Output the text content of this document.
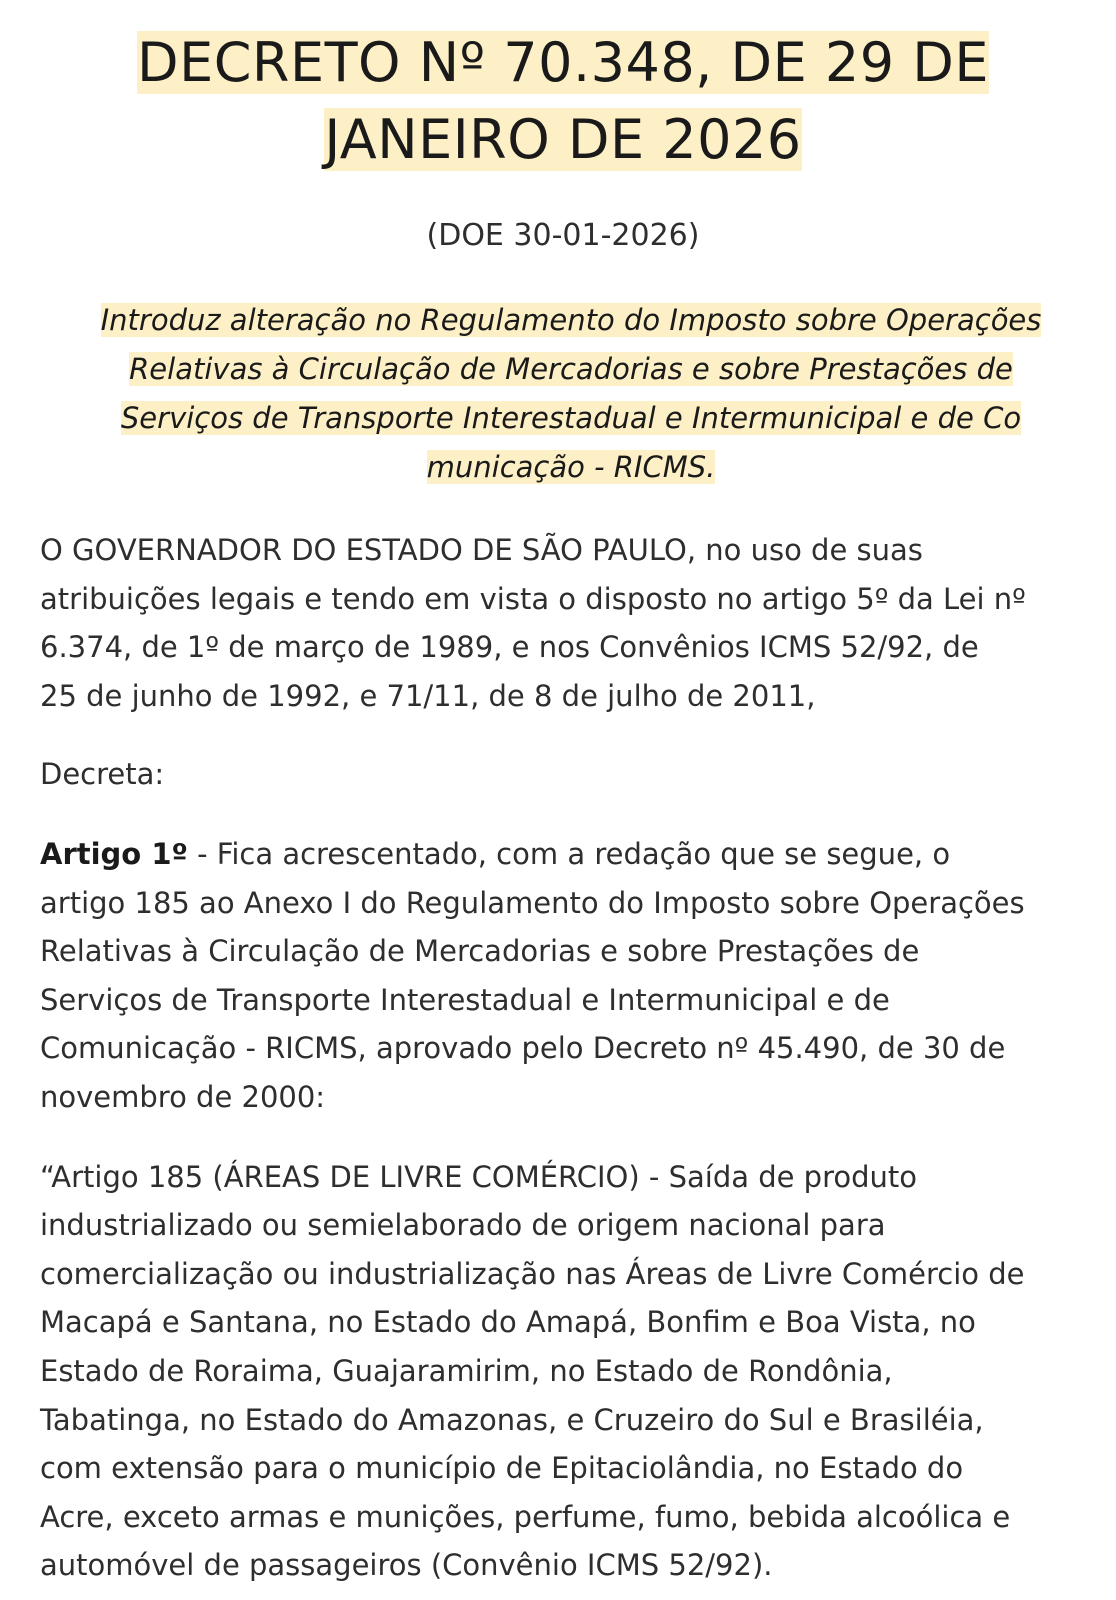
DECRETO Nº 70.348, DE 29 DE
JANEIRO DE 2026
(DOE 30-01-2026)
Introduz alteração no Regulamento do Imposto sobre Operações
Relativas à Circulação de Mercadorias e sobre Prestações de
Serviços de Transporte Interestadual e Intermunicipal e de Co
municação - RICMS.

O GOVERNADOR DO ESTADO DE SÃO PAULO, no uso de suas
atribuições legais e tendo em vista o disposto no artigo 5º da Lei nº
6.374, de 1º de março de 1989, e nos Convênios ICMS 52/92, de
25 de junho de 1992, e 71/11, de 8 de julho de 2011,

Decreta:

Artigo 1º - Fica acrescentado, com a redação que se segue, o
artigo 185 ao Anexo I do Regulamento do Imposto sobre Operações
Relativas à Circulação de Mercadorias e sobre Prestações de
Serviços de Transporte Interestadual e Intermunicipal e de
Comunicação - RICMS, aprovado pelo Decreto nº 45.490, de 30 de
novembro de 2000:

“Artigo 185 (ÁREAS DE LIVRE COMÉRCIO) - Saída de produto
industrializado ou semielaborado de origem nacional para
comercialização ou industrialização nas Áreas de Livre Comércio de
Macapá e Santana, no Estado do Amapá, Bonfim e Boa Vista, no
Estado de Roraima, Guajaramirim, no Estado de Rondônia,
Tabatinga, no Estado do Amazonas, e Cruzeiro do Sul e Brasiléia,
com extensão para o município de Epitaciolândia, no Estado do
Acre, exceto armas e munições, perfume, fumo, bebida alcoólica e
automóvel de passageiros (Convênio ICMS 52/92).
